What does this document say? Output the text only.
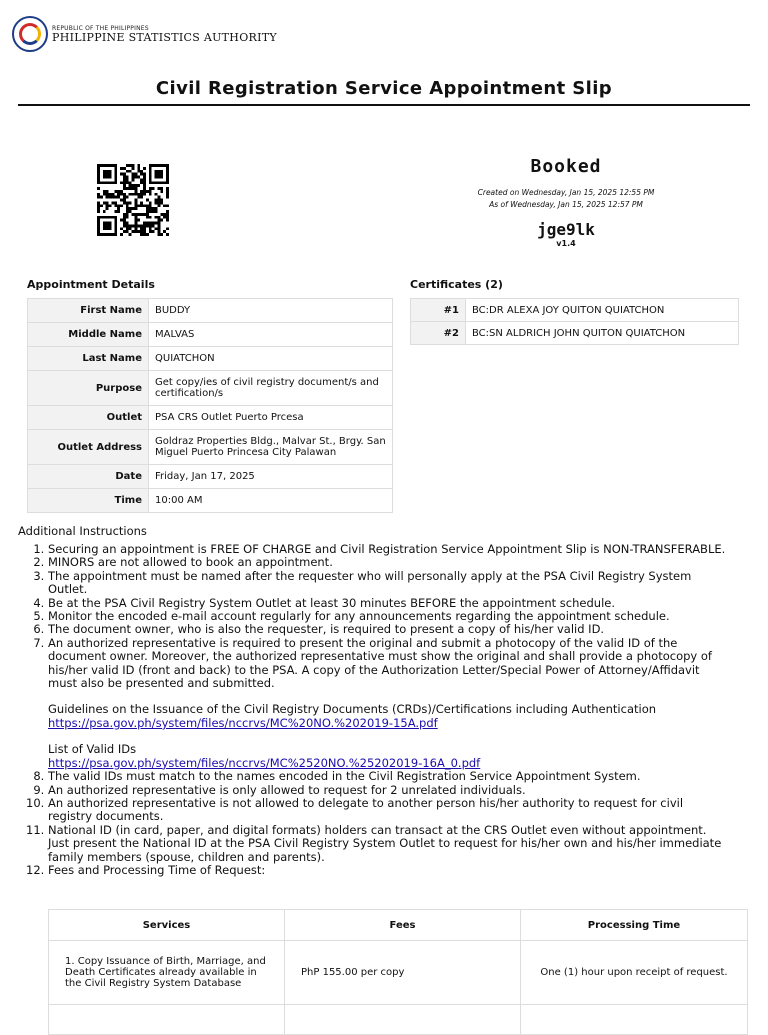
REPUBLIC OF THE PHILIPPINES
PHILIPPINE STATISTICS AUTHORITY
Civil Registration Service Appointment Slip
Booked
Created on Wednesday, Jan 15, 2025 12:55 PM
As of Wednesday, Jan 15, 2025 12:57 PM
jge9lk
v1.4
Appointment Details
First Name	BUDDY
Middle Name	MALVAS
Last Name	QUIATCHON
Purpose	Get copy/ies of civil registry document/s and certification/s
Outlet	PSA CRS Outlet Puerto Prcesa
Outlet Address	Goldraz Properties Bldg., Malvar St., Brgy. San Miguel Puerto Princesa City Palawan
Date	Friday, Jan 17, 2025
Time	10:00 AM
Certificates (2)
#1	BC:DR ALEXA JOY QUITON QUIATCHON
#2	BC:SN ALDRICH JOHN QUITON QUIATCHON
Additional Instructions
1. Securing an appointment is FREE OF CHARGE and Civil Registration Service Appointment Slip is NON-TRANSFERABLE.
2. MINORS are not allowed to book an appointment.
3. The appointment must be named after the requester who will personally apply at the PSA Civil Registry System Outlet.
4. Be at the PSA Civil Registry System Outlet at least 30 minutes BEFORE the appointment schedule.
5. Monitor the encoded e-mail account regularly for any announcements regarding the appointment schedule.
6. The document owner, who is also the requester, is required to present a copy of his/her valid ID.
7. An authorized representative is required to present the original and submit a photocopy of the valid ID of the document owner. Moreover, the authorized representative must show the original and shall provide a photocopy of his/her valid ID (front and back) to the PSA. A copy of the Authorization Letter/Special Power of Attorney/Affidavit must also be presented and submitted.
Guidelines on the Issuance of the Civil Registry Documents (CRDs)/Certifications including Authentication
https://psa.gov.ph/system/files/nccrvs/MC%20NO.%202019-15A.pdf
List of Valid IDs
https://psa.gov.ph/system/files/nccrvs/MC%2520NO.%25202019-16A_0.pdf
8. The valid IDs must match to the names encoded in the Civil Registration Service Appointment System.
9. An authorized representative is only allowed to request for 2 unrelated individuals.
10. An authorized representative is not allowed to delegate to another person his/her authority to request for civil registry documents.
11. National ID (in card, paper, and digital formats) holders can transact at the CRS Outlet even without appointment. Just present the National ID at the PSA Civil Registry System Outlet to request for his/her own and his/her immediate family members (spouse, children and parents).
12. Fees and Processing Time of Request:
Services	Fees	Processing Time
1. Copy Issuance of Birth, Marriage, and Death Certificates already available in the Civil Registry System Database	PhP 155.00 per copy	One (1) hour upon receipt of request.
